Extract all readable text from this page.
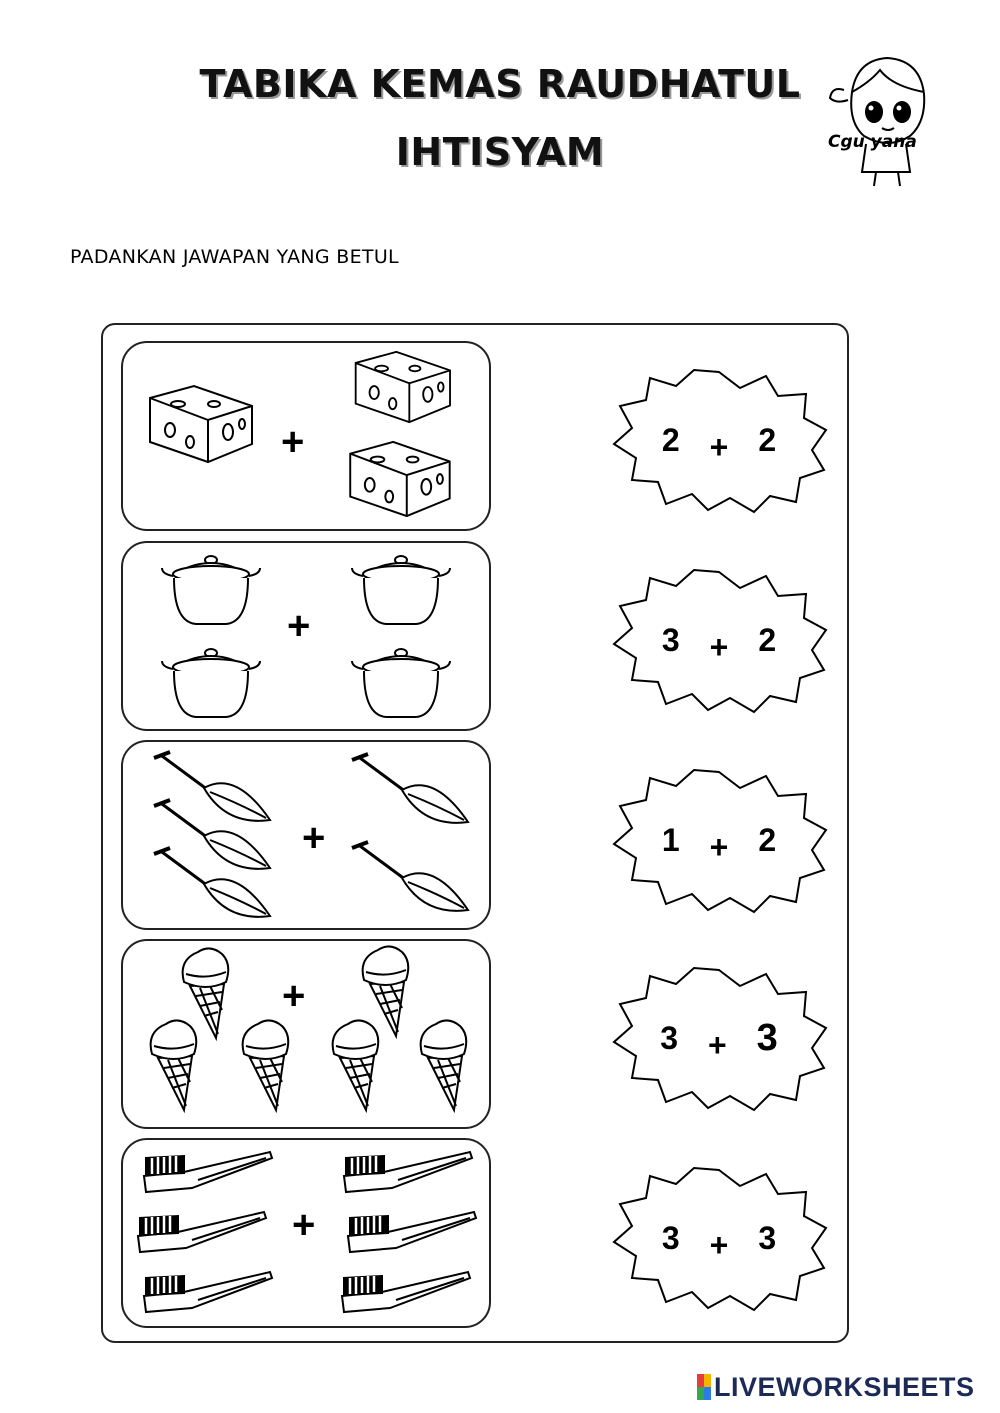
TABIKA KEMAS RAUDHATUL
IHTISYAM	Cgu yana
PADANKAN JAWAPAN YANG BETUL
+
+
+
+
+
2 + 2
3 + 2
1 + 2
3 + 3
3 + 3
LIVEWORKSHEETS
